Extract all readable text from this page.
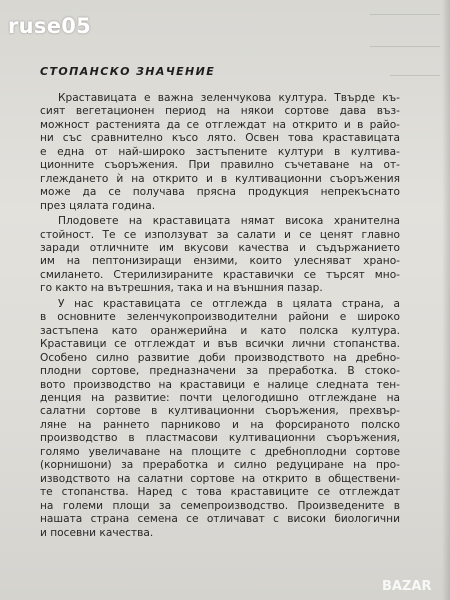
СТОПАНСКО ЗНАЧЕНИЕ
Краставицата е важна зеленчукова култура. Твърде къ-
сият вегетационен период на някои сортове дава въз-
можност растенията да се отглеждат на открито и в райо-
ни със сравнително късо лято. Освен това краставицата
е една от най-широко застъпените култури в култива-
ционните съоръжения. При правилно съчетаване на от-
глеждането ѝ на открито и в култивационни съоръжения
може да се получава прясна продукция непрекъснато
през цялата година.
Плодовете на краставицата нямат висока хранителна
стойност. Те се използуват за салати и се ценят главно
заради отличните им вкусови качества и съдържанието
им на пептонизиращи ензими, които улесняват храно-
смилането. Стерилизираните краставички се търсят мно-
го както на вътрешния, така и на външния пазар.
У нас краставицата се отглежда в цялата страна, а
в основните зеленчукопроизводителни райони е широко
застъпена като оранжерийна и като полска култура.
Краставици се отглеждат и във всички лични стопанства.
Особено силно развитие доби производството на дребно-
плодни сортове, предназначени за преработка. В стоко-
вото производство на краставици е налице следната тен-
денция на развитие: почти целогодишно отглеждане на
салатни сортове в култивационни съоръжения, прехвър-
ляне на раннето парниково и на форсираното полско
производство в пластмасови култивационни съоръжения,
голямо увеличаване на площите с дребноплодни сортове
(корнишони) за преработка и силно редуциране на про-
изводството на салатни сортове на открито в обществени-
те стопанства. Наред с това краставиците се отглеждат
на големи площи за семепроизводство. Произведените в
нашата страна семена се отличават с високи биологични
и посевни качества.
ruse05
BAZAR
